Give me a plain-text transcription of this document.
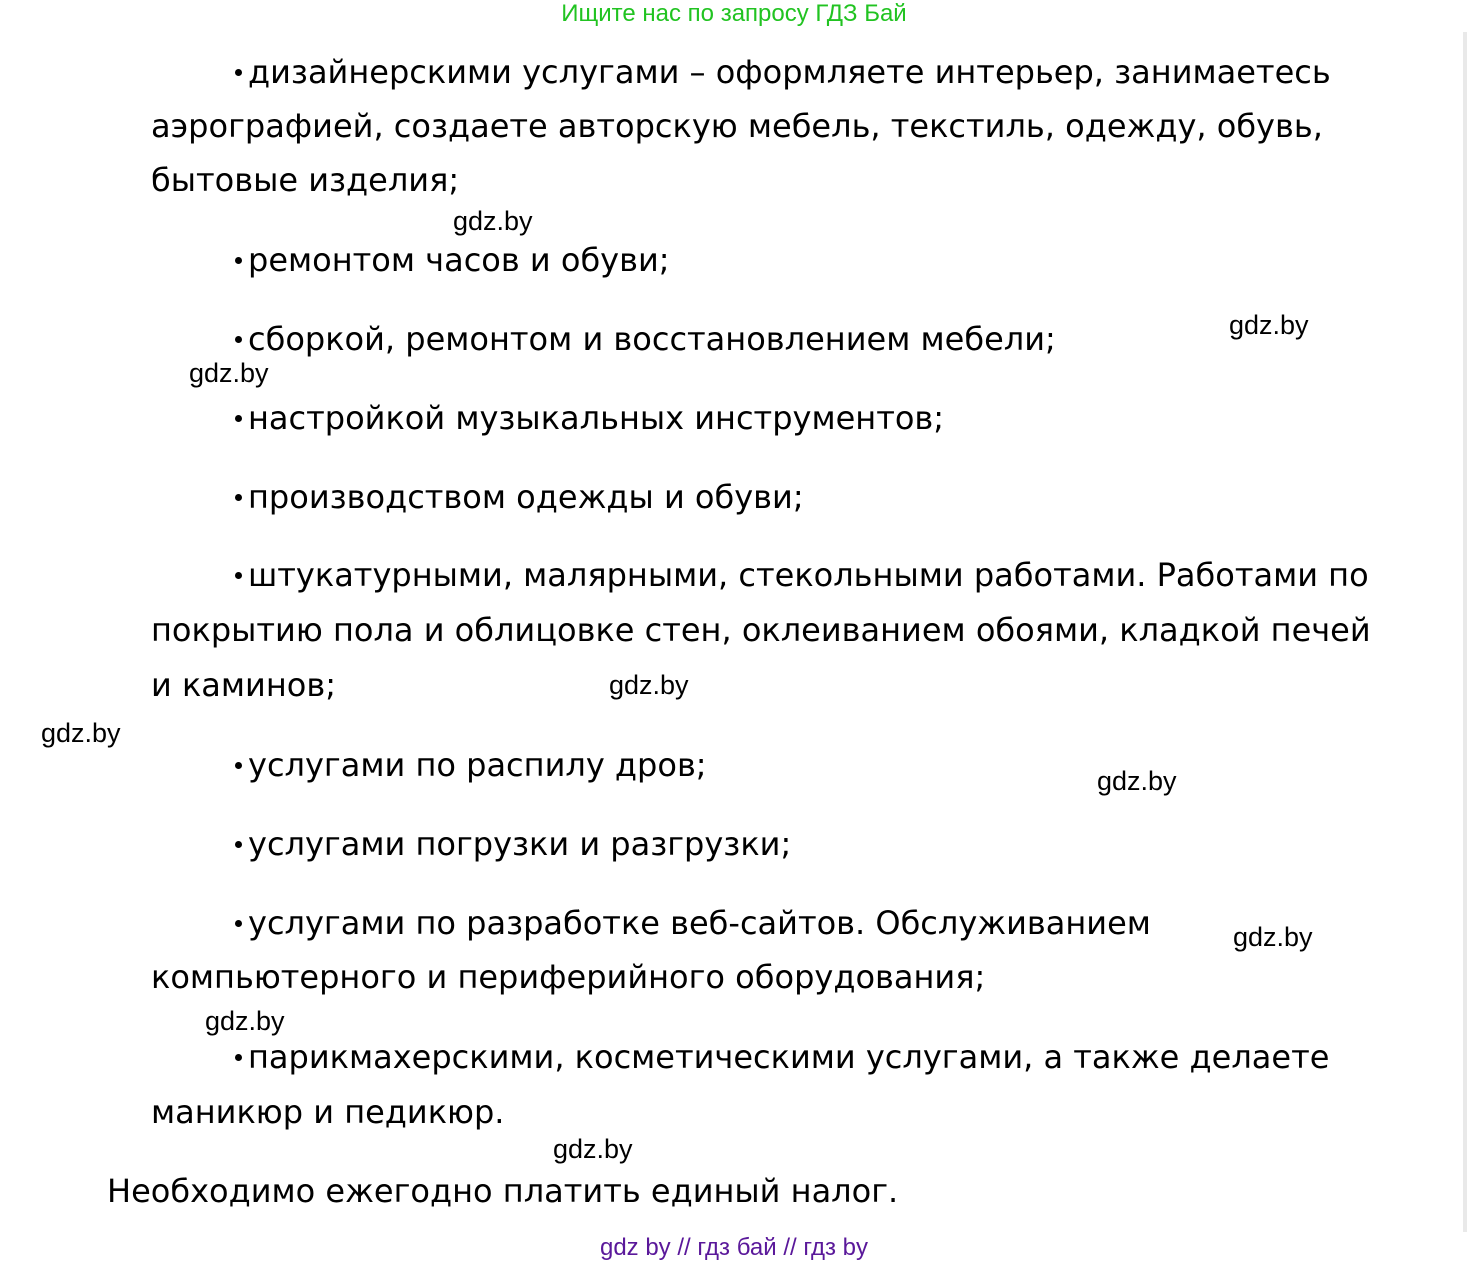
Ищите нас по запросу ГДЗ Бай
дизайнерскими услугами – оформляете интерьер, занимаетесь
аэрографией, создаете авторскую мебель, текстиль, одежду, обувь,
бытовые изделия;
ремонтом часов и обуви;
сборкой, ремонтом и восстановлением мебели;
настройкой музыкальных инструментов;
производством одежды и обуви;
штукатурными, малярными, стекольными работами. Работами по
покрытию пола и облицовке стен, оклеиванием обоями, кладкой печей
и каминов;
услугами по распилу дров;
услугами погрузки и разгрузки;
услугами по разработке веб-сайтов. Обслуживанием
компьютерного и периферийного оборудования;
парикмахерскими, косметическими услугами, а также делаете
маникюр и педикюр.
Необходимо ежегодно платить единый налог.
gdz.by
gdz.by
gdz.by
gdz.by
gdz.by
gdz.by
gdz.by
gdz.by
gdz.by
gdz by // гдз бай // гдз by
